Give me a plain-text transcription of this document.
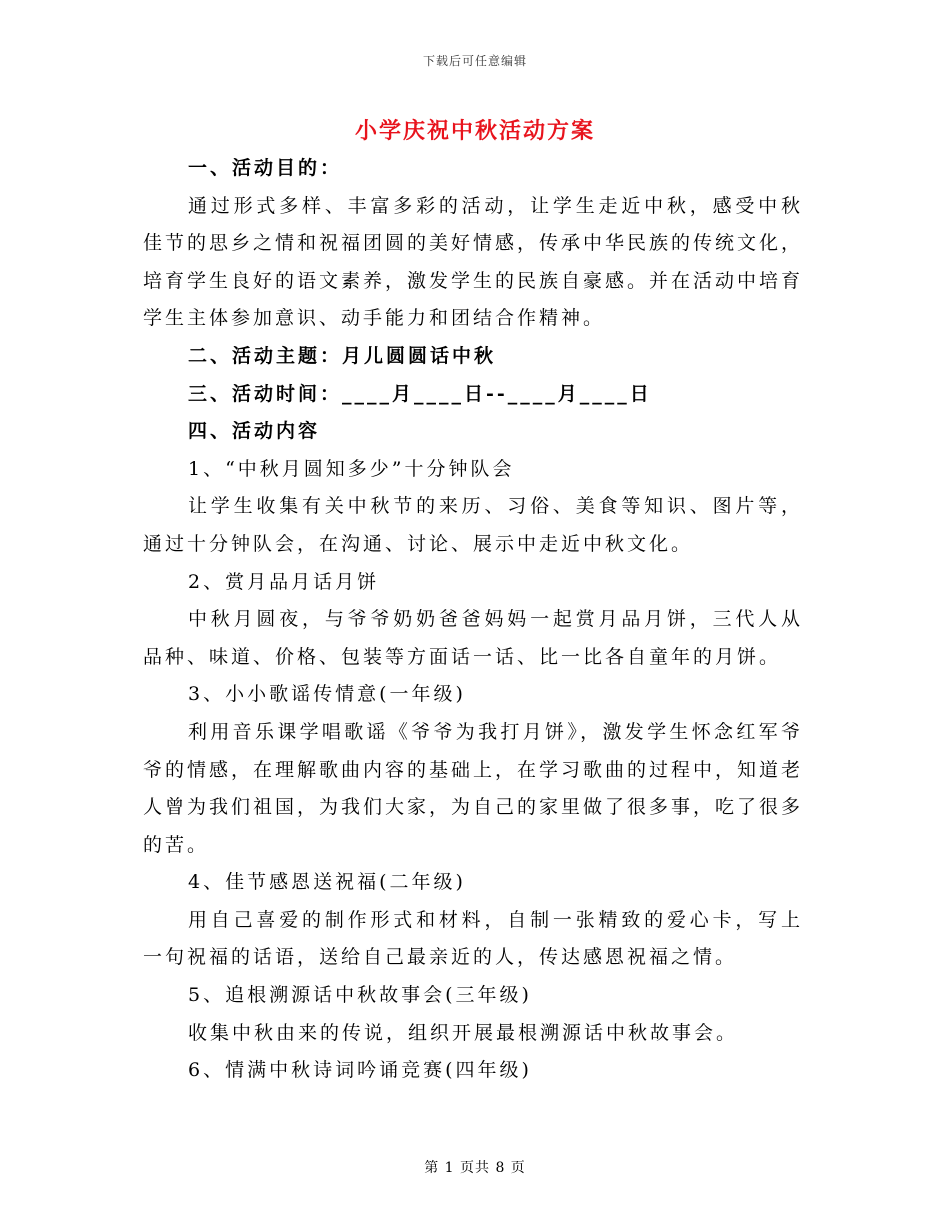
下载后可任意编辑
小学庆祝中秋活动方案

一、活动目的：

通过形式多样、丰富多彩的活动，让学生走近中秋，感受中秋佳节的思乡之情和祝福团圆的美好情感，传承中华民族的传统文化，培育学生良好的语文素养，激发学生的民族自豪感。并在活动中培育学生主体参加意识、动手能力和团结合作精神。

二、活动主题：月儿圆圆话中秋

三、活动时间：____月____日--____月____日

四、活动内容

1、“中秋月圆知多少”十分钟队会

让学生收集有关中秋节的来历、习俗、美食等知识、图片等，通过十分钟队会，在沟通、讨论、展示中走近中秋文化。

2、赏月品月话月饼

中秋月圆夜，与爷爷奶奶爸爸妈妈一起赏月品月饼，三代人从品种、味道、价格、包装等方面话一话、比一比各自童年的月饼。

3、小小歌谣传情意(一年级)

利用音乐课学唱歌谣《爷爷为我打月饼》，激发学生怀念红军爷爷的情感，在理解歌曲内容的基础上，在学习歌曲的过程中，知道老人曾为我们祖国，为我们大家，为自己的家里做了很多事，吃了很多的苦。

4、佳节感恩送祝福(二年级)

用自己喜爱的制作形式和材料，自制一张精致的爱心卡，写上一句祝福的话语，送给自己最亲近的人，传达感恩祝福之情。

5、追根溯源话中秋故事会(三年级)

收集中秋由来的传说，组织开展最根溯源话中秋故事会。

6、情满中秋诗词吟诵竞赛(四年级)

第 1 页共 8 页
